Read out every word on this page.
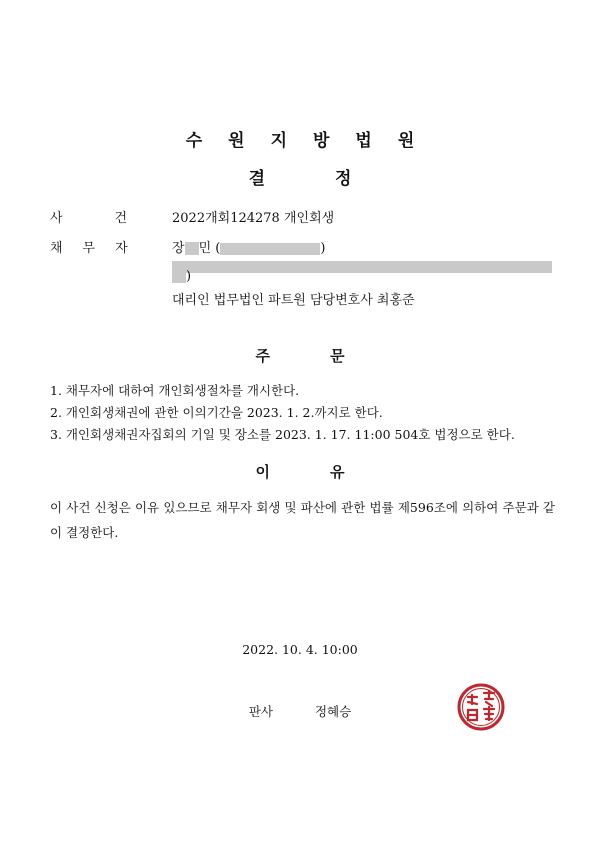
수원지방법원
결정
사건
2022개회124278 개인회생
채무자 장 민 (	)
)
대리인 법무법인 파트원 담당변호사 최홍준
주문
1. 채무자에 대하여 개인회생절차를 개시한다.
2. 개인회생채권에 관한 이의기간을 2023. 1. 2.까지로 한다.
3. 개인회생채권자집회의 기일 및 장소를 2023. 1. 17. 11:00 504호 법정으로 한다.
이유
이 사건 신청은 이유 있으므로 채무자 회생 및 파산에 관한 법률 제596조에 의하여 주문과 같이 결정한다.
2022. 10. 4. 10:00
판사	정혜승
